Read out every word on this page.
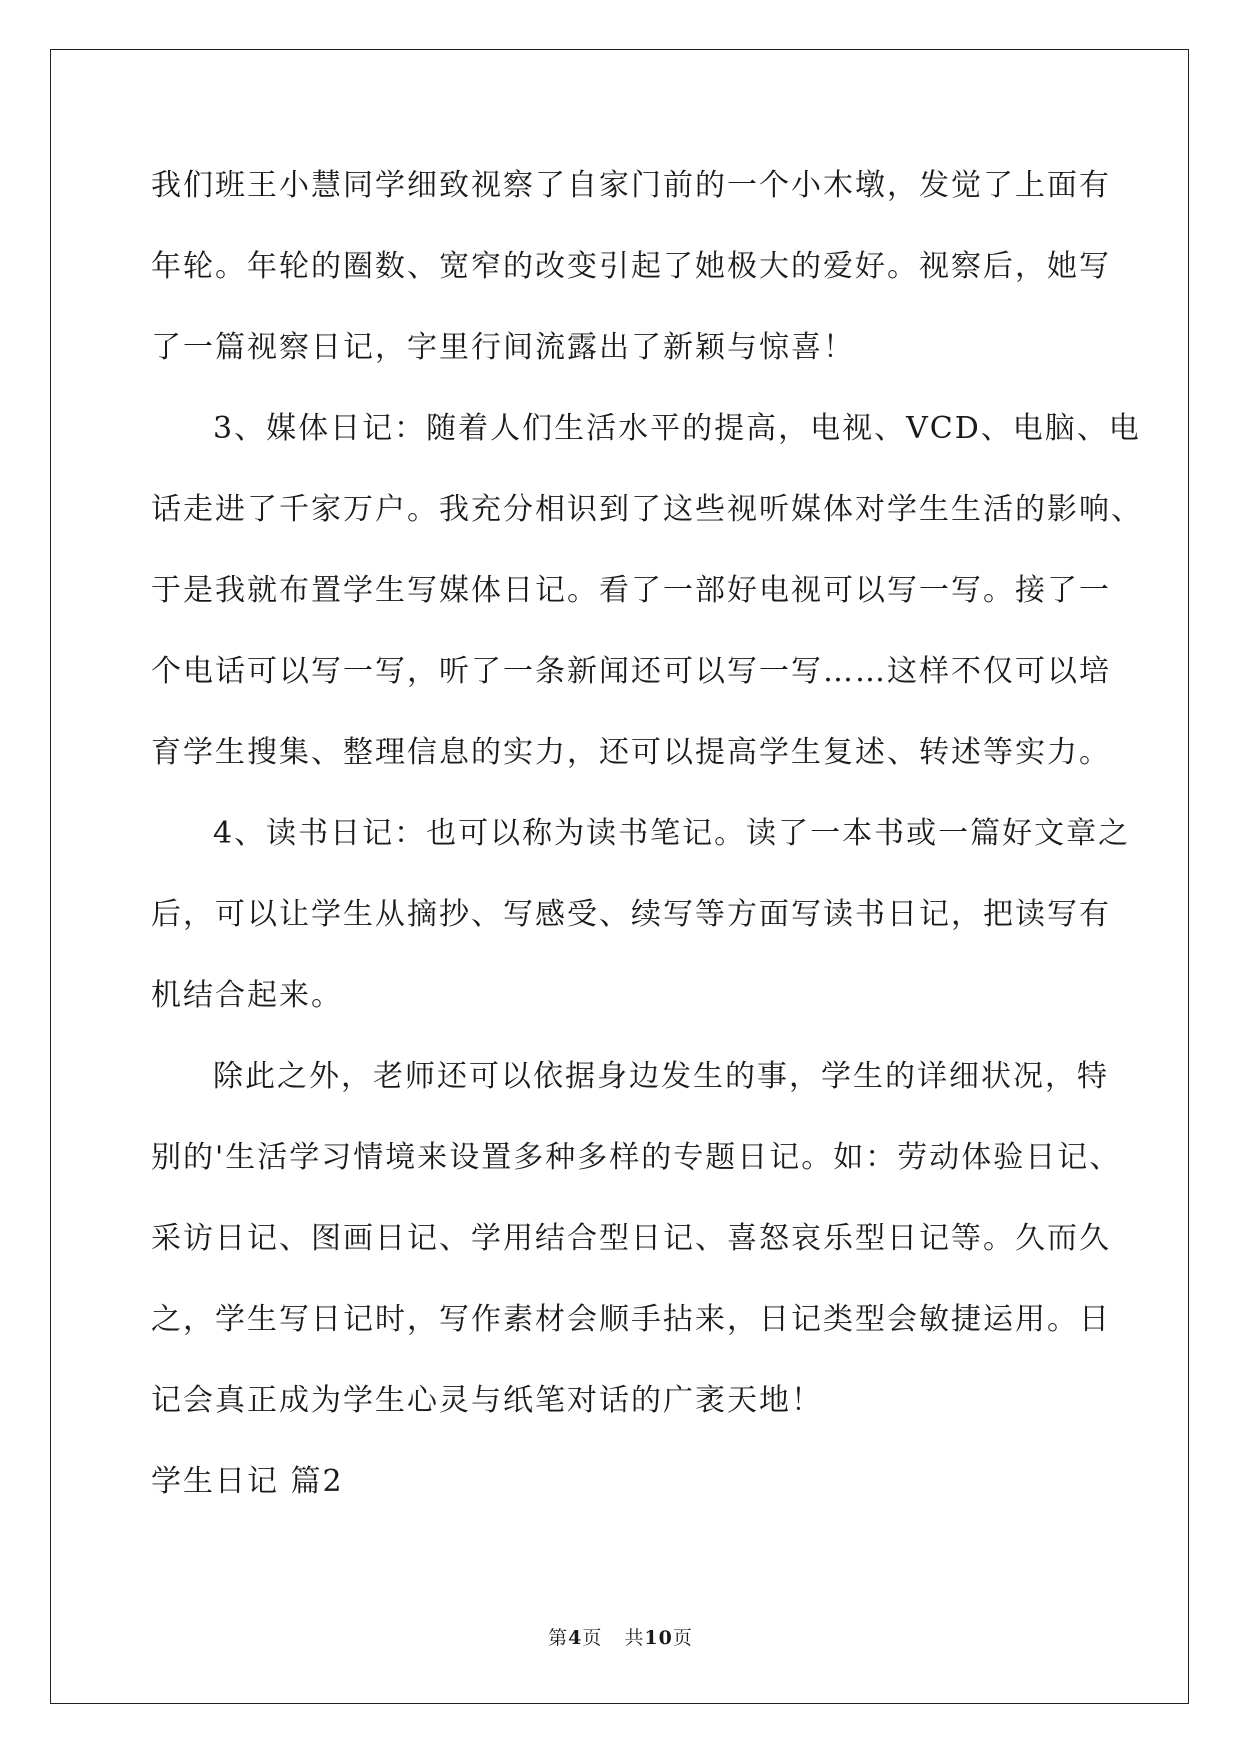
我们班王小慧同学细致视察了自家门前的一个小木墩，发觉了上面有

年轮。年轮的圈数、宽窄的改变引起了她极大的爱好。视察后，她写

了一篇视察日记，字里行间流露出了新颖与惊喜！

3、媒体日记：随着人们生活水平的提高，电视、VCD、电脑、电

话走进了千家万户。我充分相识到了这些视听媒体对学生生活的影响、

于是我就布置学生写媒体日记。看了一部好电视可以写一写。接了一

个电话可以写一写，听了一条新闻还可以写一写……这样不仅可以培

育学生搜集、整理信息的实力，还可以提高学生复述、转述等实力。

4、读书日记：也可以称为读书笔记。读了一本书或一篇好文章之

后，可以让学生从摘抄、写感受、续写等方面写读书日记，把读写有

机结合起来。

除此之外，老师还可以依据身边发生的事，学生的详细状况，特

别的'生活学习情境来设置多种多样的专题日记。如：劳动体验日记、

采访日记、图画日记、学用结合型日记、喜怒哀乐型日记等。久而久

之，学生写日记时，写作素材会顺手拈来，日记类型会敏捷运用。日

记会真正成为学生心灵与纸笔对话的广袤天地！

学生日记 篇2

第4页 共10页
